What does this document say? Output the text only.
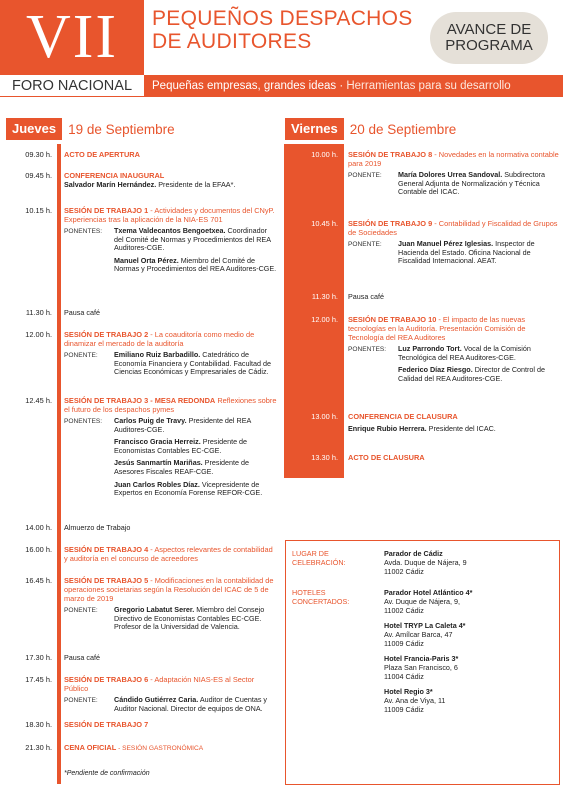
VII
FORO NACIONAL
PEQUEÑOS DESPACHOS
DE AUDITORES
AVANCE DE
PROGRAMA
Pequeñas empresas, grandes ideas · Herramientas para su desarrollo
Jueves 19 de Septiembre	Viernes 20 de Septiembre
09.30 h. ACTO DE APERTURA
09.45 h. CONFERENCIA INAUGURAL
Salvador Marín Hernández. Presidente de la EFAA*.
10.15 h. SESIÓN DE TRABAJO 1 - Actividades y documentos del CNyP. Experiencias tras la aplicación de la NIA-ES 701
PONENTES:	Txema Valdecantos Bengoetxea. Coordinador del Comité de Normas y Procedimientos del REA Auditores-CGE.
Manuel Orta Pérez. Miembro del Comité de Normas y Procedimientos del REA Auditores-CGE.
11.30 h. Pausa café
12.00 h. SESIÓN DE TRABAJO 2 - La coauditoría como medio de dinamizar el mercado de la auditoría
PONENTE:	Emiliano Ruiz Barbadillo. Catedrático de Economía Financiera y Contabilidad. Facultad de Ciencias Económicas y Empresariales de Cádiz.
12.45 h. SESIÓN DE TRABAJO 3 - MESA REDONDA Reflexiones sobre el futuro de los despachos pymes
PONENTES:	Carlos Puig de Travy. Presidente del REA Auditores-CGE.
Francisco Gracia Herreiz. Presidente de Economistas Contables EC-CGE.
Jesús Sanmartín Mariñas. Presidente de Asesores Fiscales REAF-CGE.
Juan Carlos Robles Díaz. Vicepresidente de Expertos en Economía Forense REFOR-CGE.
14.00 h. Almuerzo de Trabajo
16.00 h. SESIÓN DE TRABAJO 4 - Aspectos relevantes de contabilidad y auditoría en el concurso de acreedores
16.45 h. SESIÓN DE TRABAJO 5 - Modificaciones en la contabilidad de operaciones societarias según la Resolución del ICAC de 5 de marzo de 2019
PONENTE:	Gregorio Labatut Serer. Miembro del Consejo Directivo de Economistas Contables EC-CGE. Profesor de la Universidad de Valencia.
17.30 h. Pausa café
17.45 h. SESIÓN DE TRABAJO 6 - Adaptación NIAS-ES al Sector Público
PONENTE:	Cándido Gutiérrez Caria. Auditor de Cuentas y Auditor Nacional. Director de equipos de ONA.
18.30 h. SESIÓN DE TRABAJO 7
21.30 h. CENA OFICIAL - SESIÓN GASTRONÓMICA
*Pendiente de confirmación
10.00 h. SESIÓN DE TRABAJO 8 - Novedades en la normativa contable para 2019
PONENTE:	María Dolores Urrea Sandoval. Subdirectora General Adjunta de Normalización y Técnica Contable del ICAC.
10.45 h. SESIÓN DE TRABAJO 9 - Contabilidad y Fiscalidad de Grupos de Sociedades
PONENTE:	Juan Manuel Pérez Iglesias. Inspector de Hacienda del Estado. Oficina Nacional de Fiscalidad Internacional. AEAT.
11.30 h. Pausa café
12.00 h. SESIÓN DE TRABAJO 10 - El impacto de las nuevas tecnologías en la Auditoría. Presentación Comisión de Tecnología del REA Auditores
PONENTES:	Luz Parrondo Tort. Vocal de la Comisión Tecnológica del REA Auditores-CGE.
Federico Díaz Riesgo. Director de Control de Calidad del REA Auditores-CGE.
13.00 h. CONFERENCIA DE CLAUSURA
Enrique Rubio Herrera. Presidente del ICAC.
13.30 h. ACTO DE CLAUSURA
LUGAR DE CELEBRACIÓN:
Parador de Cádiz
Avda. Duque de Nájera, 9
11002 Cádiz
HOTELES CONCERTADOS:
Parador Hotel Atlántico 4*
Av. Duque de Nájera, 9,
11002 Cádiz
Hotel TRYP La Caleta 4*
Av. Amílcar Barca, 47
11009 Cádiz
Hotel Francia-Paris 3*
Plaza San Francisco, 6
11004 Cádiz
Hotel Regio 3*
Av. Ana de Viya, 11
11009 Cádiz
